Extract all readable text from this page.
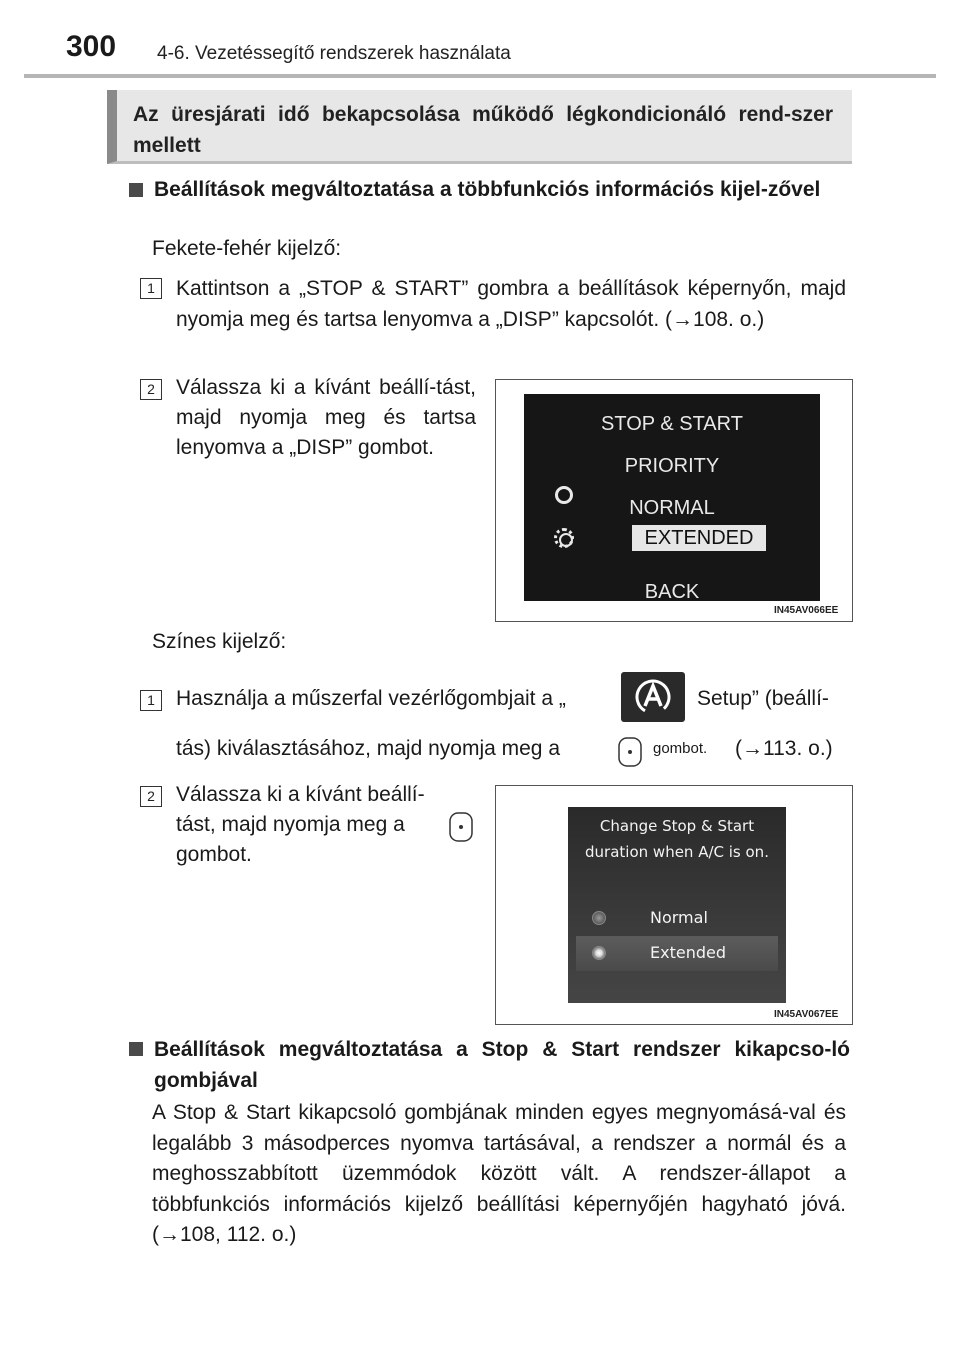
300 4-6. Vezetéssegítő rendszerek használata
Az üresjárati idő bekapcsolása működő légkondicionáló rend-szer mellett
Beállítások megváltoztatása a többfunkciós információs kijel-zővel
Fekete-fehér kijelző:
1	Kattintson a „STOP & START” gombra a beállítások képernyőn, majd nyomja meg és tartsa lenyomva a „DISP” kapcsolót. (→108. o.)
2	Válassza ki a kívánt beállí-tást, majd nyomja meg és tartsa lenyomva a „DISP” gombot.
STOP & START
PRIORITY
NORMAL
EXTENDED
BACK
IN45AV066EE
Színes kijelző:
1	Használja a műszerfal vezérlőgombjait a „	Setup” (beállí-
tás) kiválasztásához, majd nyomja meg a	gombot. (→113. o.)
2	Válassza ki a kívánt beállí-
tást, majd nyomja meg a
gombot.
Change Stop & Start
duration when A/C is on.
Normal
Extended
IN45AV067EE
Beállítások megváltoztatása a Stop & Start rendszer kikapcso-ló gombjával
A Stop & Start kikapcsoló gombjának minden egyes megnyomásá-val és legalább 3 másodperces nyomva tartásával, a rendszer a normál és a meghosszabbított üzemmódok között vált. A rendszer-állapot a többfunkciós információs kijelző beállítási képernyőjén hagyható jóvá. (→108, 112. o.)
